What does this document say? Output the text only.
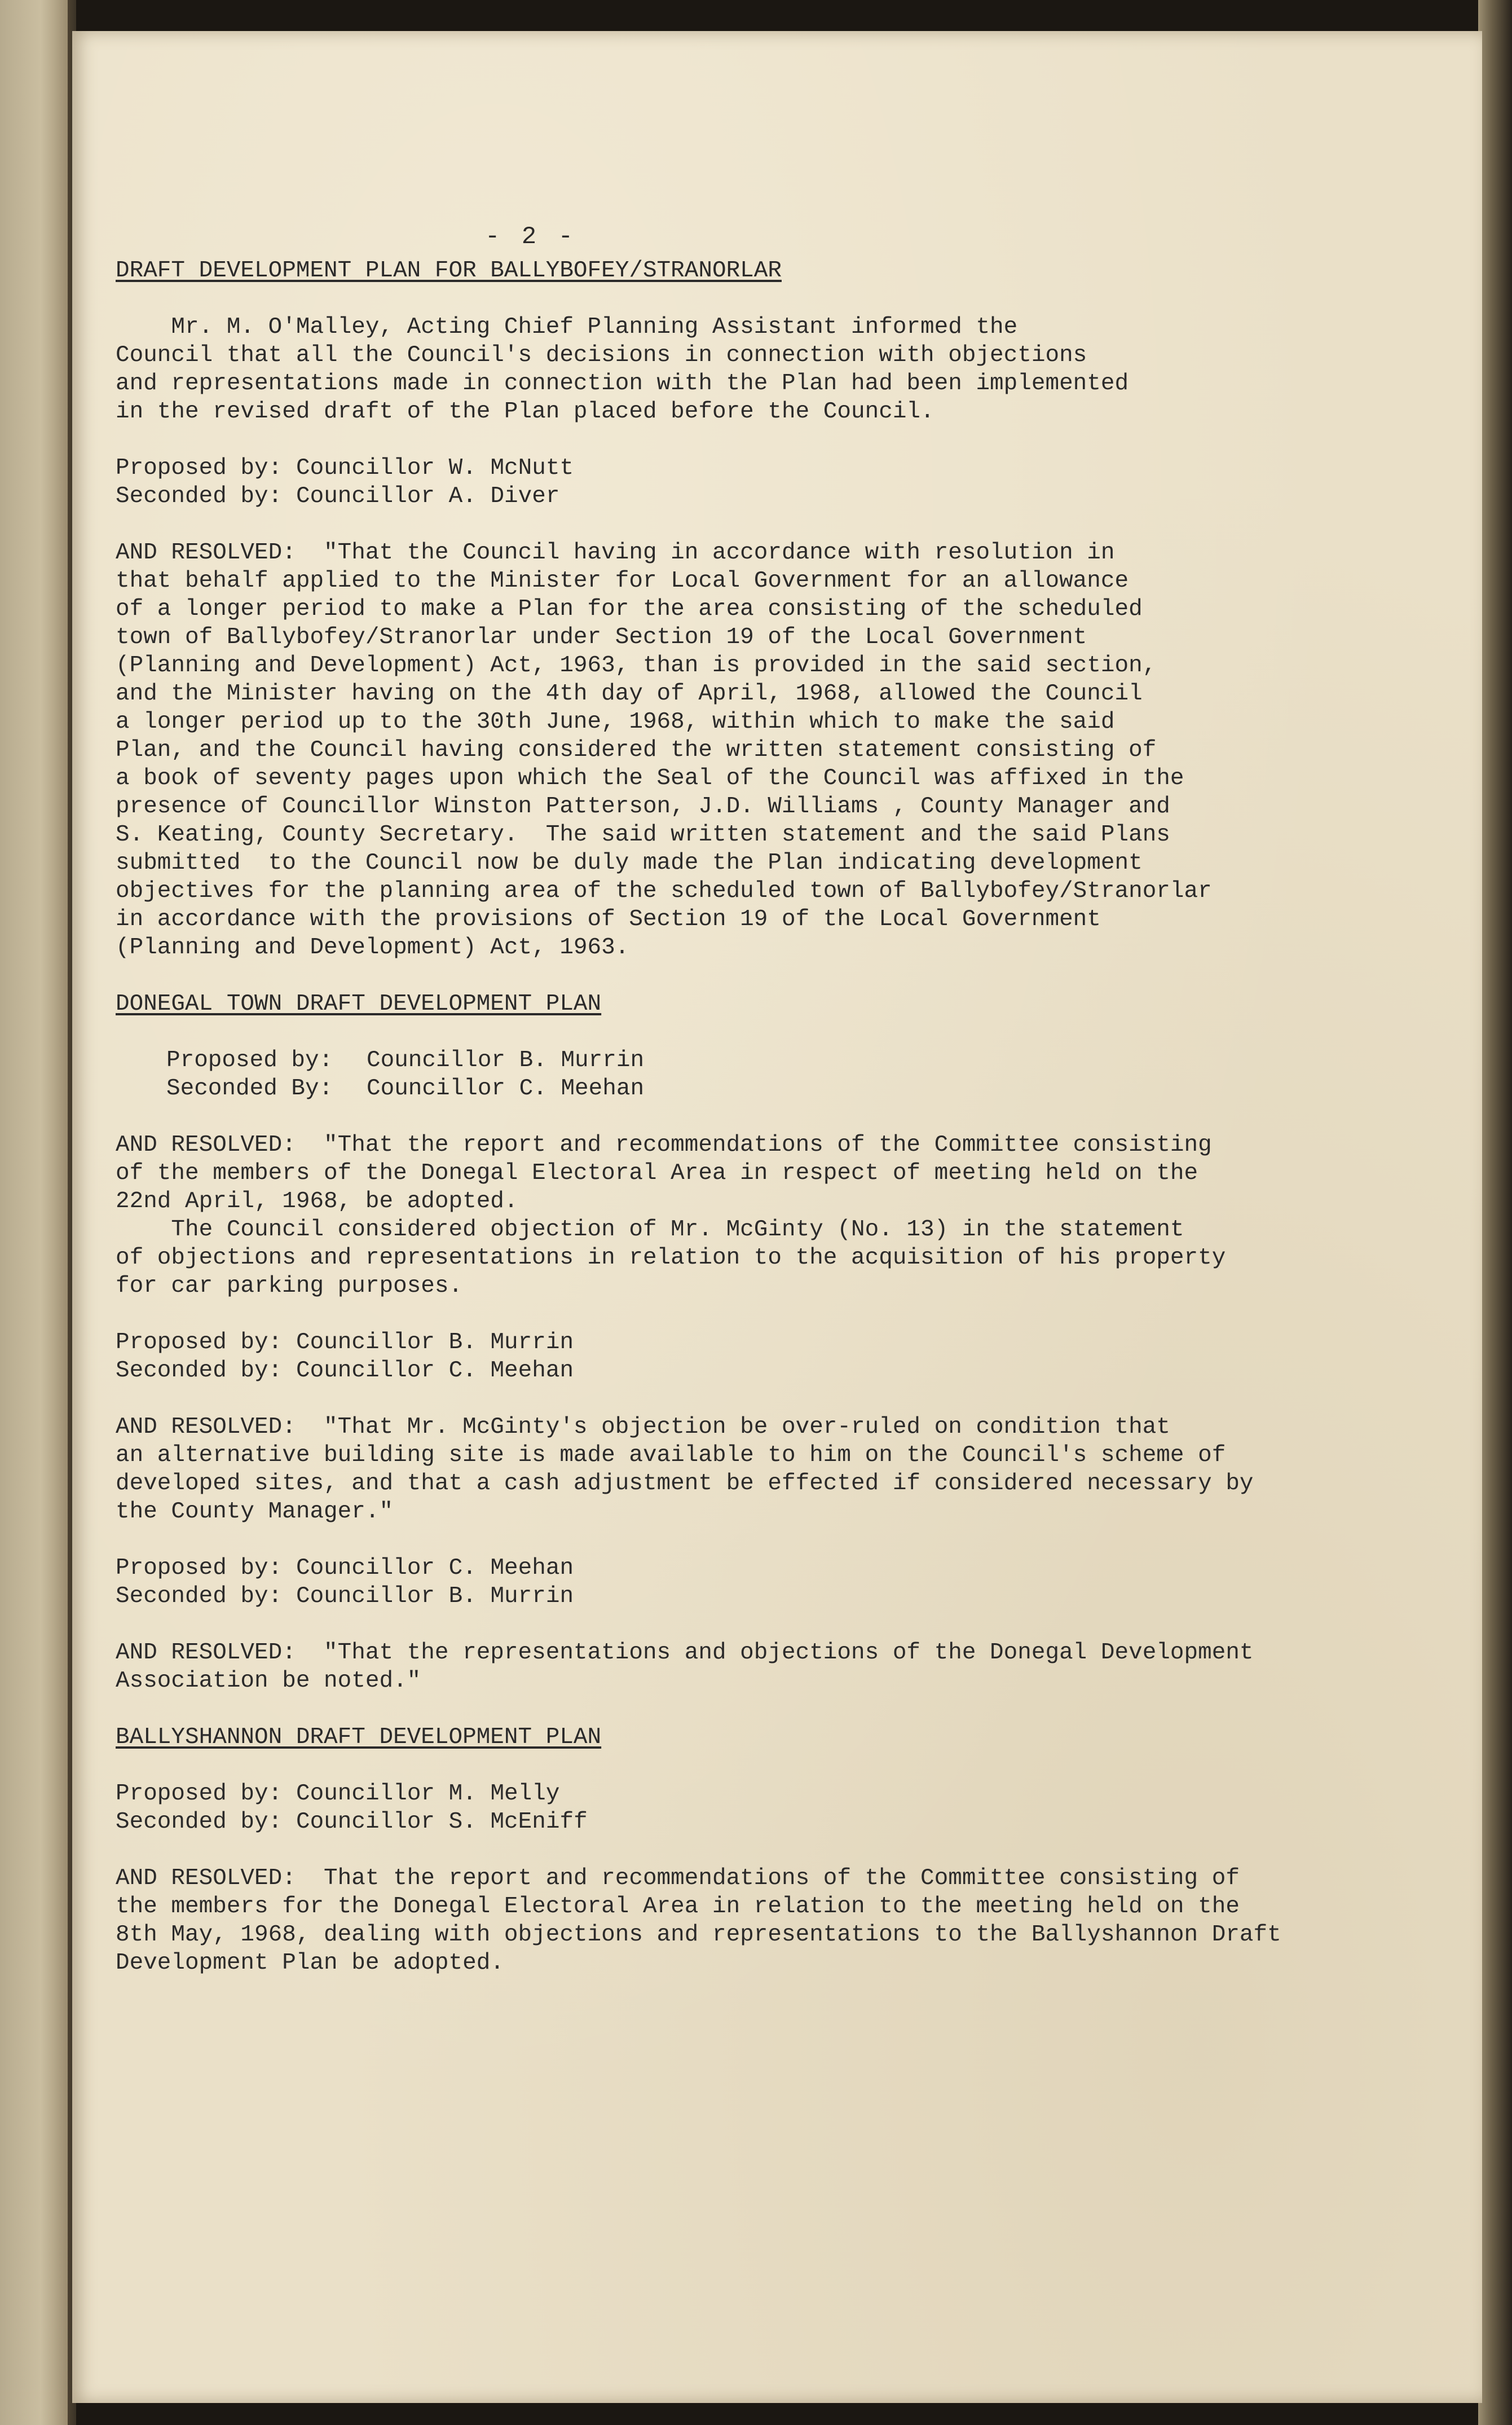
- 2 -
DRAFT DEVELOPMENT PLAN FOR BALLYBOFEY/STRANORLAR
Mr. M. O'Malley, Acting Chief Planning Assistant informed the
Council that all the Council's decisions in connection with objections
and representations made in connection with the Plan had been implemented
in the revised draft of the Plan placed before the Council.
Proposed by: Councillor W. McNutt
Seconded by: Councillor A. Diver
AND RESOLVED:  "That the Council having in accordance with resolution in
that behalf applied to the Minister for Local Government for an allowance
of a longer period to make a Plan for the area consisting of the scheduled
town of Ballybofey/Stranorlar under Section 19 of the Local Government
(Planning and Development) Act, 1963, than is provided in the said section,
and the Minister having on the 4th day of April, 1968, allowed the Council
a longer period up to the 30th June, 1968, within which to make the said
Plan, and the Council having considered the written statement consisting of
a book of seventy pages upon which the Seal of the Council was affixed in the
presence of Councillor Winston Patterson, J.D. Williams , County Manager and
S. Keating, County Secretary.  The said written statement and the said Plans
submitted  to the Council now be duly made the Plan indicating development
objectives for the planning area of the scheduled town of Ballybofey/Stranorlar
in accordance with the provisions of Section 19 of the Local Government
(Planning and Development) Act, 1963.
DONEGAL TOWN DRAFT DEVELOPMENT PLAN
Proposed by:	Councillor B. Murrin
Seconded By:	Councillor C. Meehan
AND RESOLVED:  "That the report and recommendations of the Committee consisting
of the members of the Donegal Electoral Area in respect of meeting held on the
22nd April, 1968, be adopted.
The Council considered objection of Mr. McGinty (No. 13) in the statement
of objections and representations in relation to the acquisition of his property
for car parking purposes.
Proposed by: Councillor B. Murrin
Seconded by: Councillor C. Meehan
AND RESOLVED:  "That Mr. McGinty's objection be over-ruled on condition that
an alternative building site is made available to him on the Council's scheme of
developed sites, and that a cash adjustment be effected if considered necessary by
the County Manager."
Proposed by: Councillor C. Meehan
Seconded by: Councillor B. Murrin
AND RESOLVED:  "That the representations and objections of the Donegal Development
Association be noted."
BALLYSHANNON DRAFT DEVELOPMENT PLAN
Proposed by: Councillor M. Melly
Seconded by: Councillor S. McEniff
AND RESOLVED:  That the report and recommendations of the Committee consisting of
the members for the Donegal Electoral Area in relation to the meeting held on the
8th May, 1968, dealing with objections and representations to the Ballyshannon Draft
Development Plan be adopted.
